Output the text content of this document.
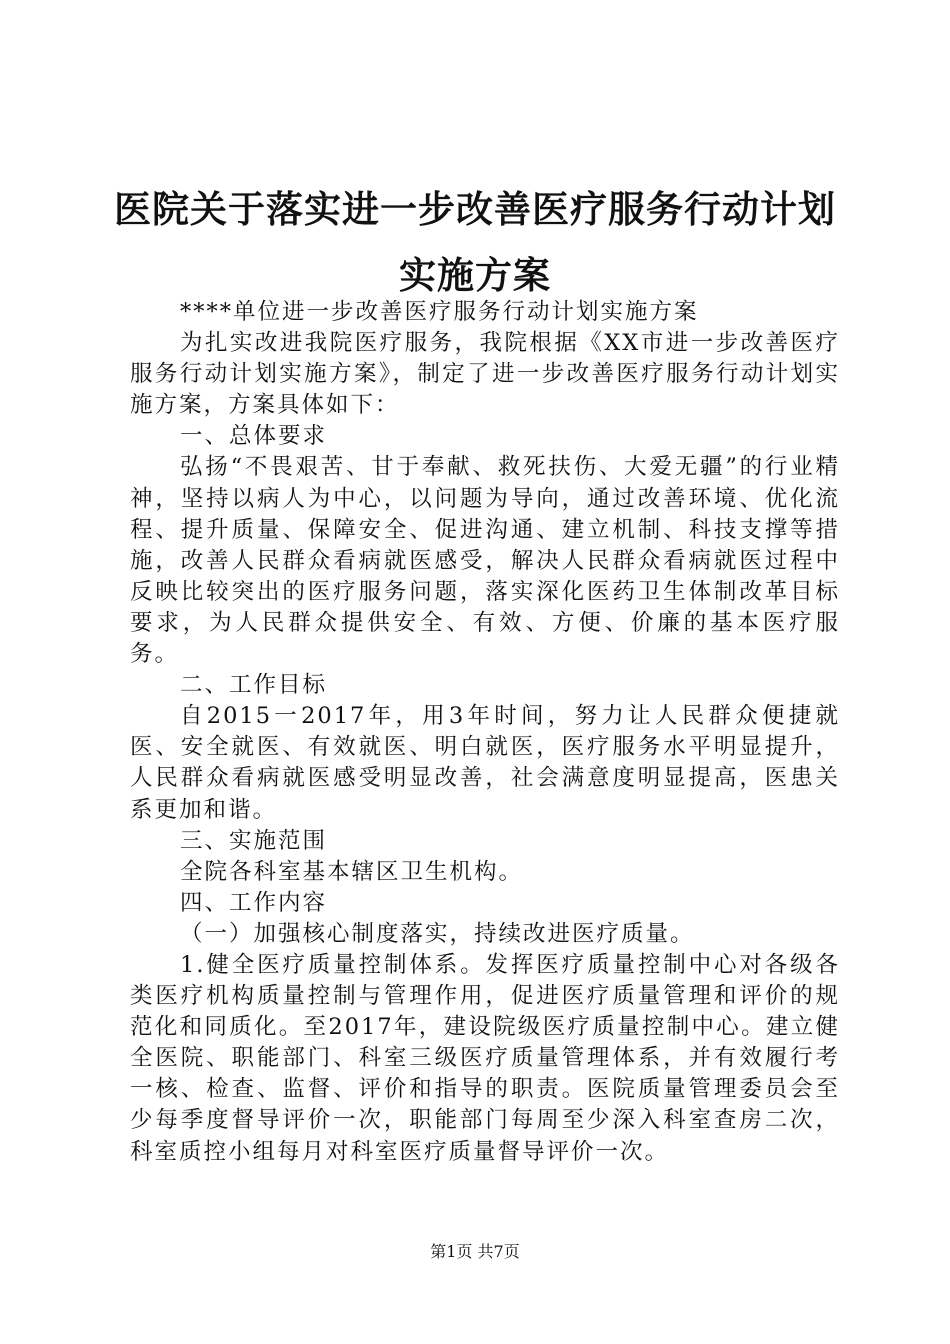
医院关于落实进一步改善医疗服务行动计划实施方案

****单位进一步改善医疗服务行动计划实施方案

为扎实改进我院医疗服务，我院根据《XX市进一步改善医疗服务行动计划实施方案》，制定了进一步改善医疗服务行动计划实施方案，方案具体如下：

一、总体要求

弘扬“不畏艰苦、甘于奉献、救死扶伤、大爱无疆”的行业精神，坚持以病人为中心，以问题为导向，通过改善环境、优化流程、提升质量、保障安全、促进沟通、建立机制、科技支撑等措施，改善人民群众看病就医感受，解决人民群众看病就医过程中反映比较突出的医疗服务问题，落实深化医药卫生体制改革目标要求，为人民群众提供安全、有效、方便、价廉的基本医疗服务。

二、工作目标

自2015一2017年，用3年时间，努力让人民群众便捷就医、安全就医、有效就医、明白就医，医疗服务水平明显提升，人民群众看病就医感受明显改善，社会满意度明显提高，医患关系更加和谐。

三、实施范围

全院各科室基本辖区卫生机构。

四、工作内容

（一）加强核心制度落实，持续改进医疗质量。

1.健全医疗质量控制体系。发挥医疗质量控制中心对各级各类医疗机构质量控制与管理作用，促进医疗质量管理和评价的规范化和同质化。至2017年，建设院级医疗质量控制中心。建立健全医院、职能部门、科室三级医疗质量管理体系，并有效履行考一核、检查、监督、评价和指导的职责。医院质量管理委员会至少每季度督导评价一次，职能部门每周至少深入科室查房二次，科室质控小组每月对科室医疗质量督导评价一次。

第1页 共7页
